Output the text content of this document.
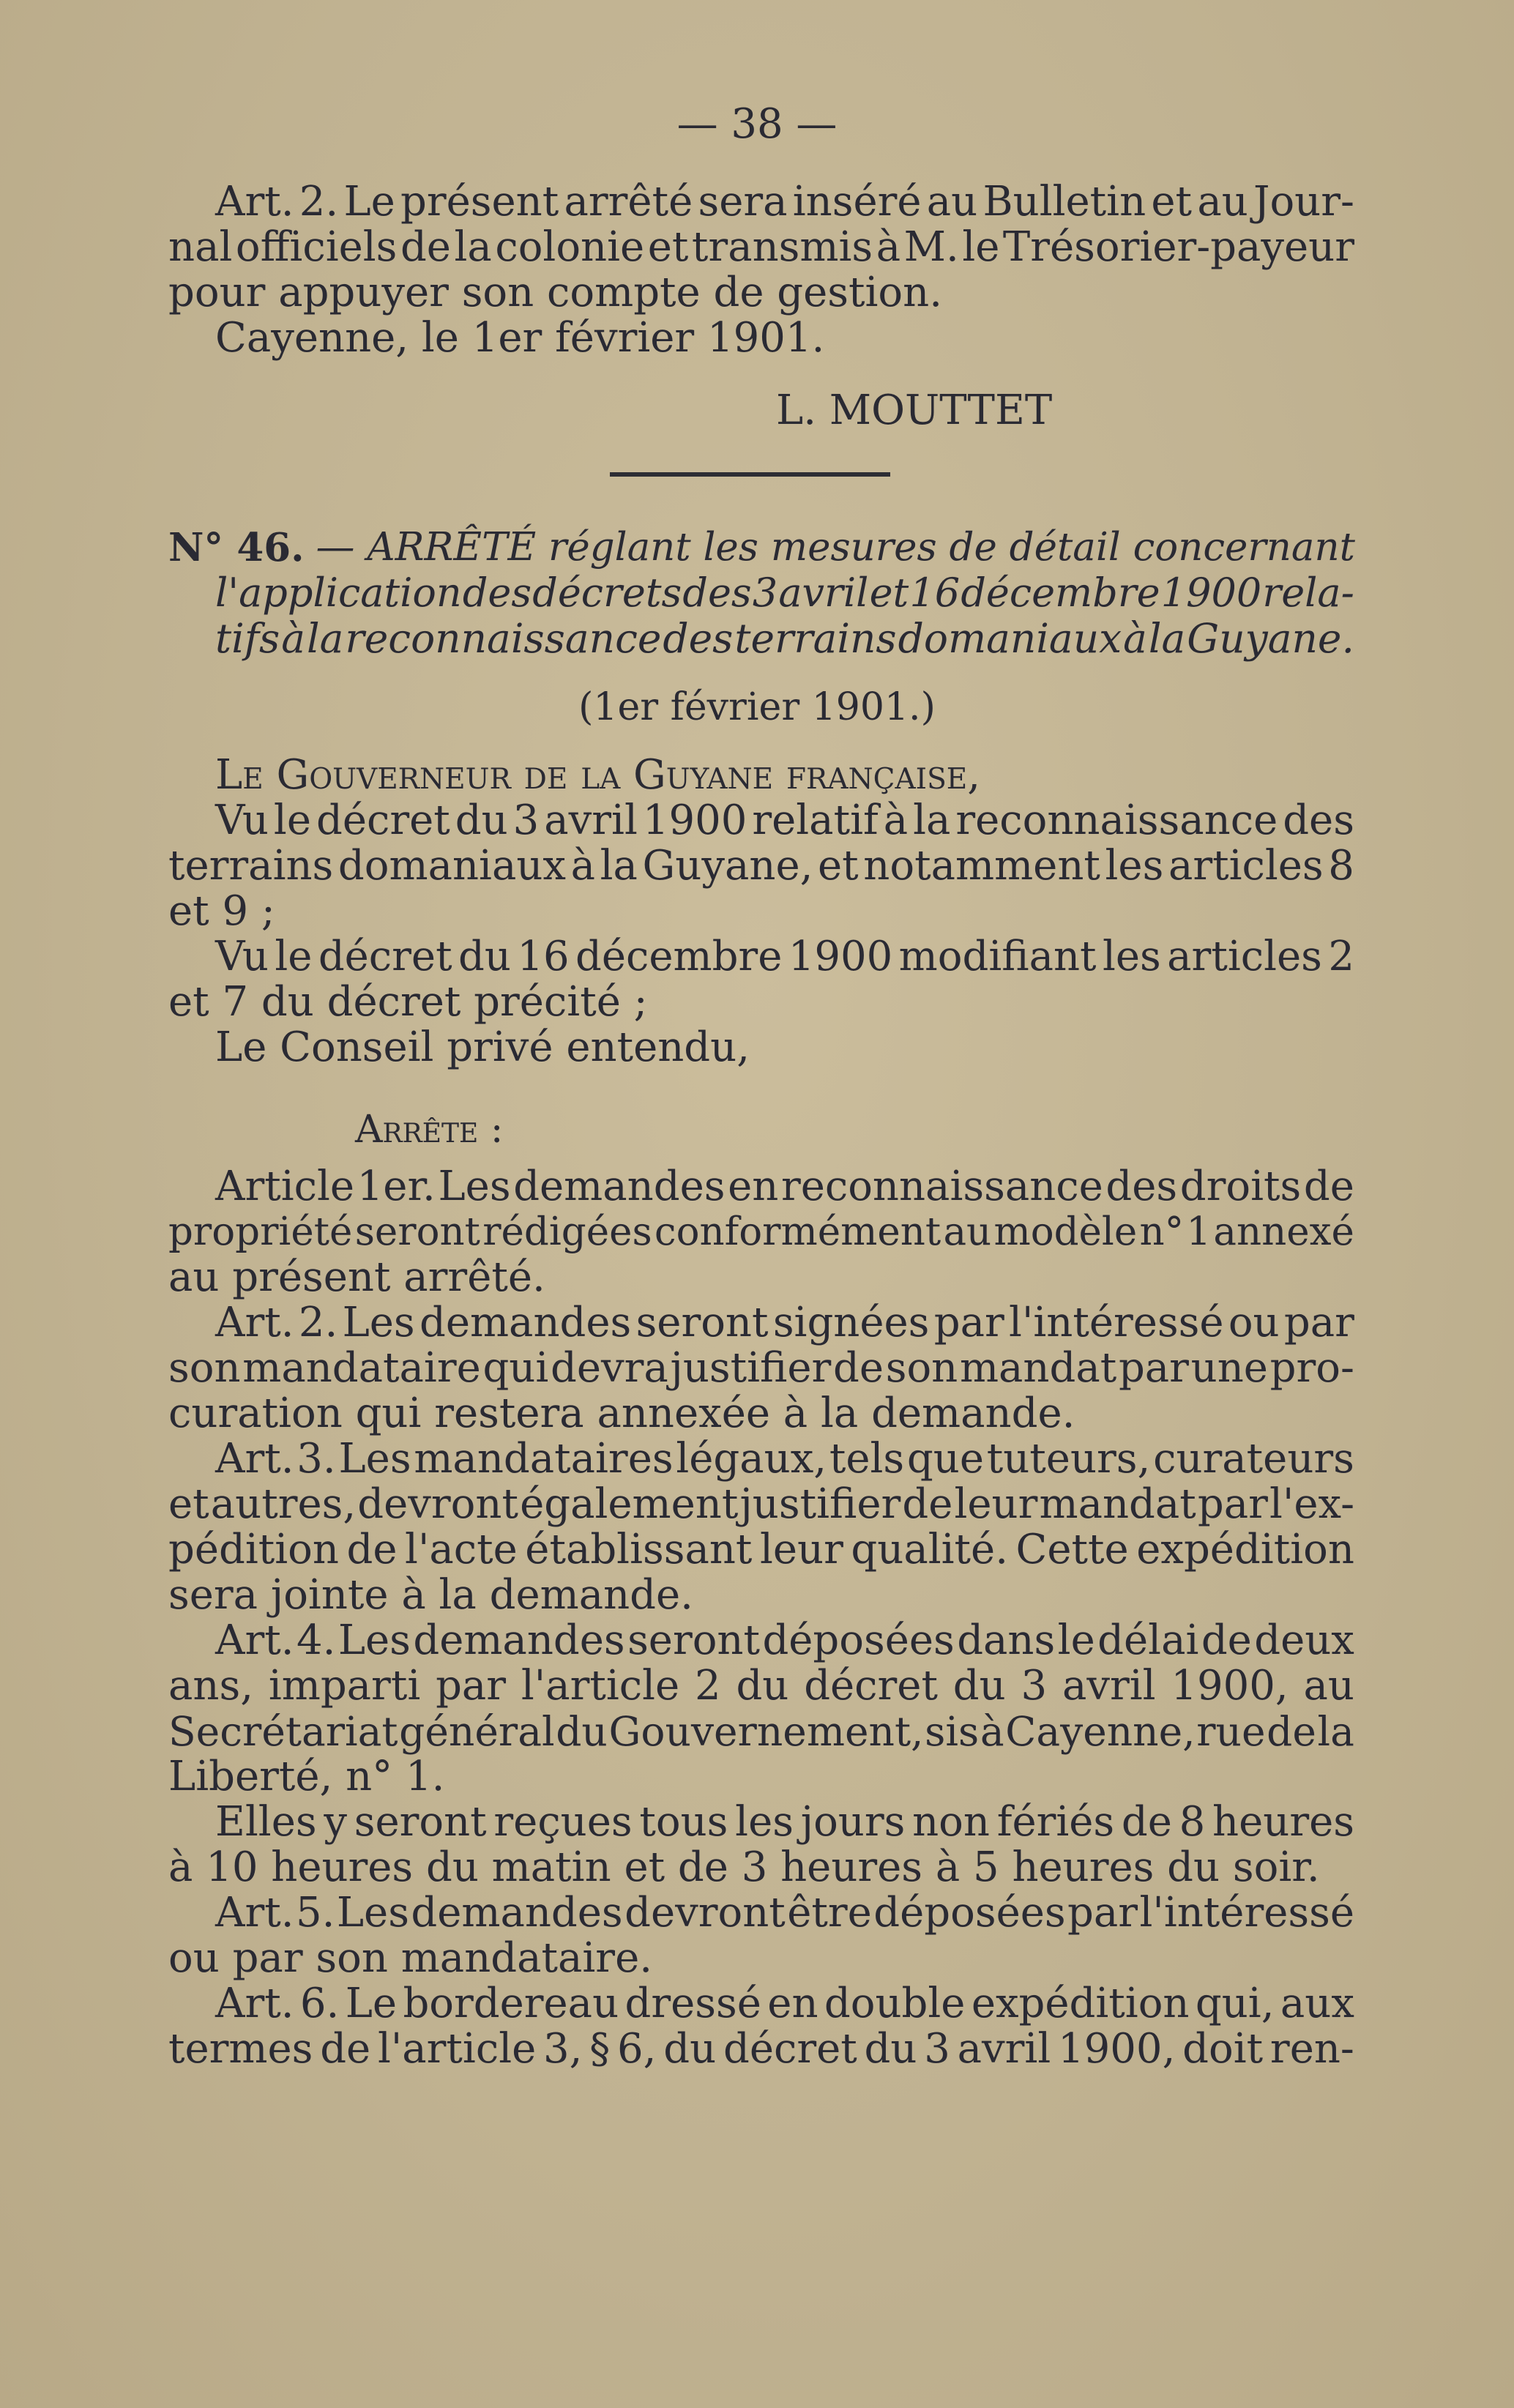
— 38 —
Art. 2. Le présent arrêté sera inséré au Bulletin et au Jour-
nal officiels de la colonie et transmis à M. le Trésorier-payeur
pour appuyer son compte de gestion.
Cayenne, le 1er février 1901.
L. MOUTTET
N° 46. — ARRÊTÉ réglant les mesures de détail concernant
l'application des décrets des 3 avril et 16 décembre 1900 rela-
tifs à la reconnaissance des terrains domaniaux à la Guyane.
(1er février 1901.)
Le Gouverneur de la Guyane française,
Vu le décret du 3 avril 1900 relatif à la reconnaissance des
terrains domaniaux à la Guyane, et notamment les articles 8
et 9 ;
Vu le décret du 16 décembre 1900 modifiant les articles 2
et 7 du décret précité ;
Le Conseil privé entendu,
Arrête :
Article 1er. Les demandes en reconnaissance des droits de
propriété seront rédigées conformément au modèle n° 1 annexé
au présent arrêté.
Art. 2. Les demandes seront signées par l'intéressé ou par
son mandataire qui devra justifier de son mandat par une pro-
curation qui restera annexée à la demande.
Art. 3. Les mandataires légaux, tels que tuteurs, curateurs
et autres, devront également justifier de leur mandat par l'ex-
pédition de l'acte établissant leur qualité. Cette expédition
sera jointe à la demande.
Art. 4. Les demandes seront déposées dans le délai de deux
ans, imparti par l'article 2 du décret du 3 avril 1900, au
Secrétariat général du Gouvernement, sis à Cayenne, rue de la
Liberté, n° 1.
Elles y seront reçues tous les jours non fériés de 8 heures
à 10 heures du matin et de 3 heures à 5 heures du soir.
Art. 5. Les demandes devront être déposées par l'intéressé
ou par son mandataire.
Art. 6. Le bordereau dressé en double expédition qui, aux
termes de l'article 3, § 6, du décret du 3 avril 1900, doit ren-
